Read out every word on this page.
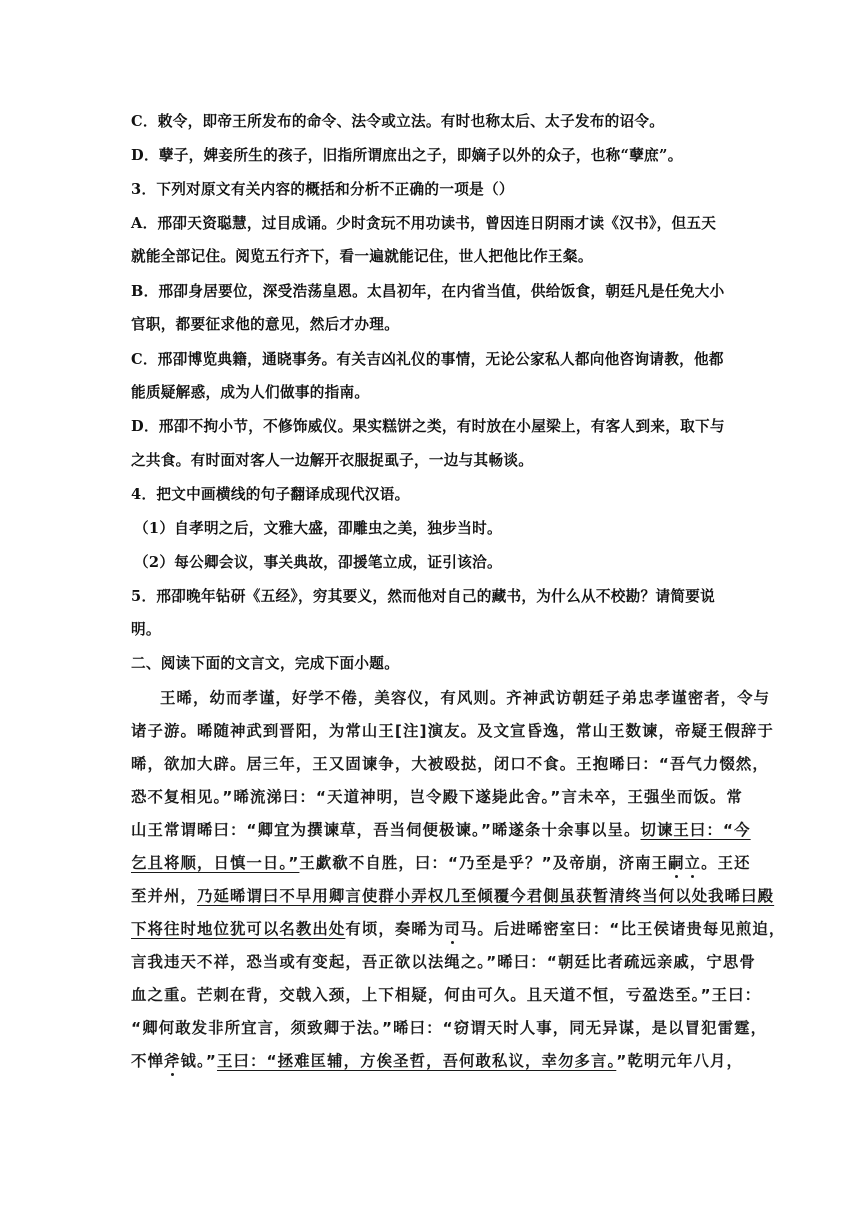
C．敕令，即帝王所发布的命令、法令或立法。有时也称太后、太子发布的诏令。
D．孽子，婢妾所生的孩子，旧指所谓庶出之子，即嫡子以外的众子，也称“孽庶”。
3．下列对原文有关内容的概括和分析不正确的一项是（）
A．邢卲天资聪慧，过目成诵。少时贪玩不用功读书，曾因连日阴雨才读《汉书》，但五天
就能全部记住。阅览五行齐下，看一遍就能记住，世人把他比作王粲。
B．邢卲身居要位，深受浩荡皇恩。太昌初年，在内省当值，供给饭食，朝廷凡是任免大小
官职，都要征求他的意见，然后才办理。
C．邢卲博览典籍，通晓事务。有关吉凶礼仪的事情，无论公家私人都向他咨询请教，他都
能质疑解惑，成为人们做事的指南。
D．邢卲不拘小节，不修饰威仪。果实糕饼之类，有时放在小屋梁上，有客人到来，取下与
之共食。有时面对客人一边解开衣服捉虱子，一边与其畅谈。
4．把文中画横线的句子翻译成现代汉语。
（1）自孝明之后，文雅大盛，卲雕虫之美，独步当时。
（2）每公卿会议，事关典故，卲援笔立成，证引该洽。
5．邢卲晚年钻研《五经》，穷其要义，然而他对自己的藏书，为什么从不校勘？请简要说
明。
二、阅读下面的文言文，完成下面小题。
王晞，幼而孝谨，好学不倦，美容仪，有风则。齐神武访朝廷子弟忠孝谨密者，令与
诸子游。晞随神武到晋阳，为常山王[注]演友。及文宣昏逸，常山王数谏，帝疑王假辞于
晞，欲加大辟。居三年，王又固谏争，大被殴挞，闭口不食。王抱晞曰：“吾气力惙然，
恐不复相见。”晞流涕曰：“天道神明，岂令殿下遂毙此舍。”言未卒，王强坐而饭。常
山王常谓晞曰：“卿宜为撰谏草，吾当伺便极谏。”晞遂条十余事以呈。切谏王曰：“今
乞且将顺，日慎一日。”王歔欷不自胜，曰：“乃至是乎？”及帝崩，济南王嗣立。王还
至并州，乃延晞谓曰不早用卿言使群小弄权几至倾覆今君側虽获暂清终当何以处我晞曰殿
下将往时地位犹可以名教出处有顷，奏晞为司马。后进晞密室曰：“比王侯诸贵每见煎迫，
言我违天不祥，恐当或有变起，吾正欲以法绳之。”晞曰：“朝廷比者疏远亲戚，宁思骨
血之重。芒刺在背，交戟入颈，上下相疑，何由可久。且天道不恒，亏盈迭至。”王曰：
“卿何敢发非所宜言，须致卿于法。”晞曰：“窃谓天时人事，同无异谋，是以冒犯雷霆，
不惮斧钺。”王曰：“拯难匡辅，方俟圣哲，吾何敢私议，幸勿多言。”乾明元年八月，
